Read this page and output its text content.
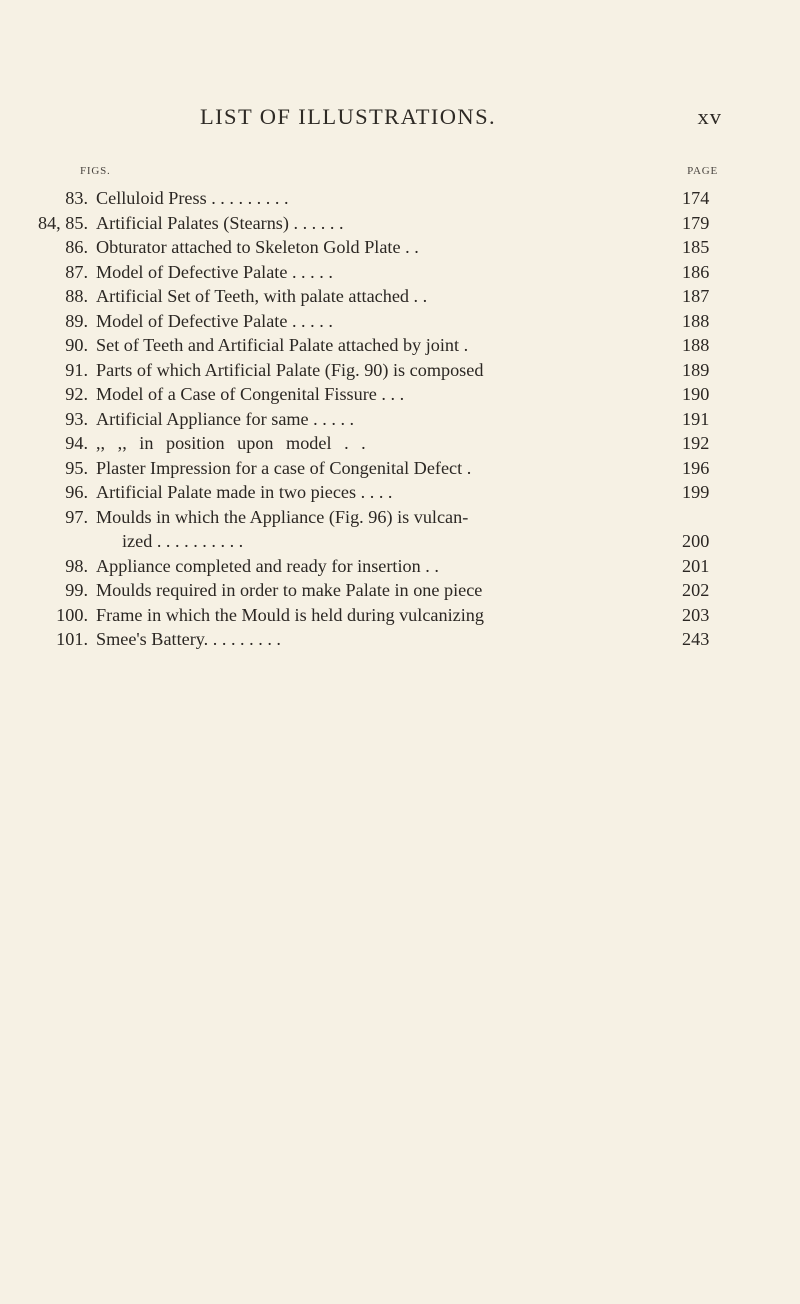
LIST OF ILLUSTRATIONS.	xv
FIGS.	PAGE
83. Celluloid Press . . . . . . . . .	174
84, 85. Artificial Palates (Stearns) . . . . . .	179
86. Obturator attached to Skeleton Gold Plate . .	185
87. Model of Defective Palate . . . . .	186
88. Artificial Set of Teeth, with palate attached . .	187
89. Model of Defective Palate . . . . .	188
90. Set of Teeth and Artificial Palate attached by joint .	188
91. Parts of which Artificial Palate (Fig. 90) is composed	189
92. Model of a Case of Congenital Fissure . . .	190
93. Artificial Appliance for same . . . . .	191
94. ,, ,, in position upon model . .	192
95. Plaster Impression for a case of Congenital Defect .	196
96. Artificial Palate made in two pieces . . . .	199
97. Moulds in which the Appliance (Fig. 96) is vulcan-
ized . . . . . . . . . .	200
98. Appliance completed and ready for insertion . .	201
99. Moulds required in order to make Palate in one piece	202
100. Frame in which the Mould is held during vulcanizing	203
101. Smee's Battery. . . . . . . . .	243
